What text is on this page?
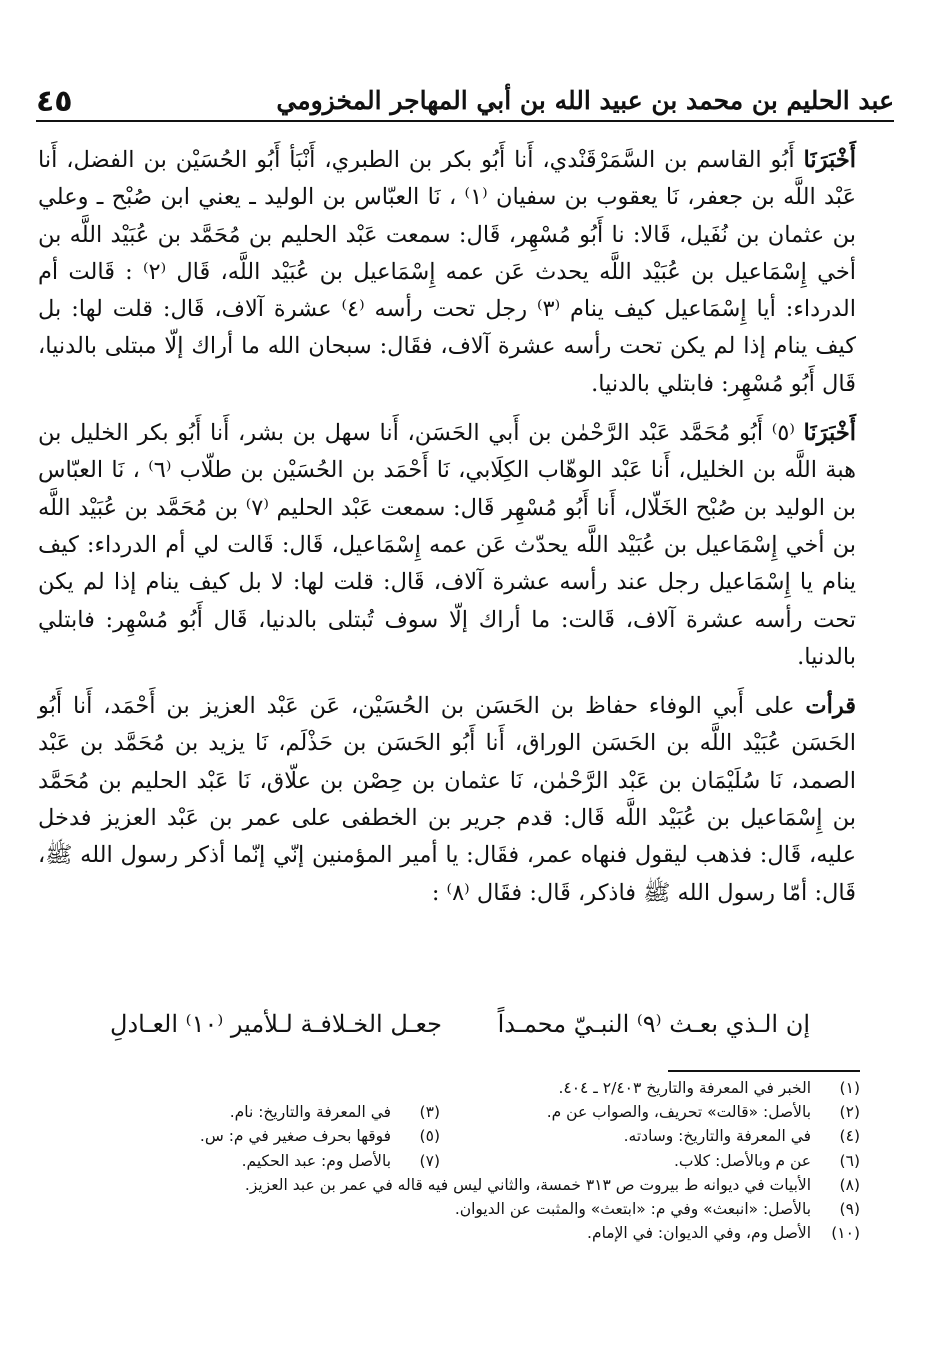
٤٥	عبد الحليم بن محمد بن عبيد الله بن أبي المهاجر المخزومي

أَخْبَرَنَا أَبُو القاسم بن السَّمَرْقَنْدي، أَنا أَبُو بكر بن الطبري، أَنْبَأ أَبُو الحُسَيْن بن الفضل، أَنا عَبْد اللَّه بن جعفر، نَا يعقوب بن سفيان ⁽١⁾ ، نَا العبّاس بن الوليد ـ يعني ابن صُبْح ـ وعلي بن عثمان بن نُفَيل، قَالا: نا أَبُو مُسْهِر، قَال: سمعت عَبْد الحليم بن مُحَمَّد بن عُبَيْد اللَّه بن أخي إِسْمَاعيل بن عُبَيْد اللَّه يحدث عَن عمه إِسْمَاعيل بن عُبَيْد اللَّه، قَال ⁽٢⁾ : قَالت أم الدرداء: أيا إِسْمَاعيل كيف ينام ⁽٣⁾ رجل تحت رأسه ⁽٤⁾ عشرة آلاف، قَال: قلت لها: بل كيف ينام إذا لم يكن تحت رأسه عشرة آلاف، فقَال: سبحان الله ما أراك إلّا مبتلى بالدنيا، قَال أَبُو مُسْهِر: فابتلي بالدنيا.

أَخْبَرَنَا ⁽٥⁾ أَبُو مُحَمَّد عَبْد الرَّحْمٰن بن أَبي الحَسَن، أَنا سهل بن بشر، أَنا أَبُو بكر الخليل بن هبة اللَّه بن الخليل، أَنا عَبْد الوهّاب الكِلَابي، نَا أَحْمَد بن الحُسَيْن بن طلّاب ⁽٦⁾ ، نَا العبّاس بن الوليد بن صُبْح الخَلّال، أَنا أَبُو مُسْهِر قَال: سمعت عَبْد الحليم ⁽٧⁾ بن مُحَمَّد بن عُبَيْد اللَّه بن أخي إِسْمَاعيل بن عُبَيْد اللَّه يحدّث عَن عمه إِسْمَاعيل، قَال: قَالت لي أم الدرداء: كيف ينام يا إِسْمَاعيل رجل عند رأسه عشرة آلاف، قَال: قلت لها: لا بل كيف ينام إذا لم يكن تحت رأسه عشرة آلاف، قَالت: ما أراك إلّا سوف تُبتلى بالدنيا، قَال أَبُو مُسْهِر: فابتلي بالدنيا.

قرأت على أَبي الوفاء حفاظ بن الحَسَن بن الحُسَيْن، عَن عَبْد العزيز بن أَحْمَد، أَنا أَبُو الحَسَن عُبَيْد اللَّه بن الحَسَن الوراق، أَنا أَبُو الحَسَن بن حَذْلَم، نَا يزيد بن مُحَمَّد بن عَبْد الصمد، نَا سُلَيْمَان بن عَبْد الرَّحْمٰن، نَا عثمان بن حِصْن بن علّاق، نَا عَبْد الحليم بن مُحَمَّد بن إِسْمَاعيل بن عُبَيْد اللَّه قَال: قدم جرير بن الخطفى على عمر بن عَبْد العزيز فدخل عليه، قَال: فذهب ليقول فنهاه عمر، فقَال: يا أمير المؤمنين إنّي إنّما أذكر رسول الله ﷺ، قَال: أمّا رسول الله ﷺ فاذكر، قَال: فقَال ⁽٨⁾ :

إن الـذي بعـث ⁽٩⁾ النبـيّ محمـداً
جعـل الخـلافـة لـلأمير ⁽١٠⁾ العـادلِ
(١) الخبر في المعرفة والتاريخ ٢/٤٠٣ ـ ٤٠٤.
(٢) بالأصل: «قالت» تحريف، والصواب عن م.
(٣) في المعرفة والتاريخ: نام.
(٤) في المعرفة والتاريخ: وسادته.
(٥) فوقها بحرف صغير في م: س.
(٦) عن م وبالأصل: كلاب.
(٧) بالأصل وم: عبد الحكيم.
(٨) الأبيات في ديوانه ط بيروت ص ٣١٣ خمسة، والثاني ليس فيه قاله في عمر بن عبد العزيز.
(٩) بالأصل: «انبعث» وفي م: «ابتعث» والمثبت عن الديوان.
(١٠) الأصل وم، وفي الديوان: في الإمام.
